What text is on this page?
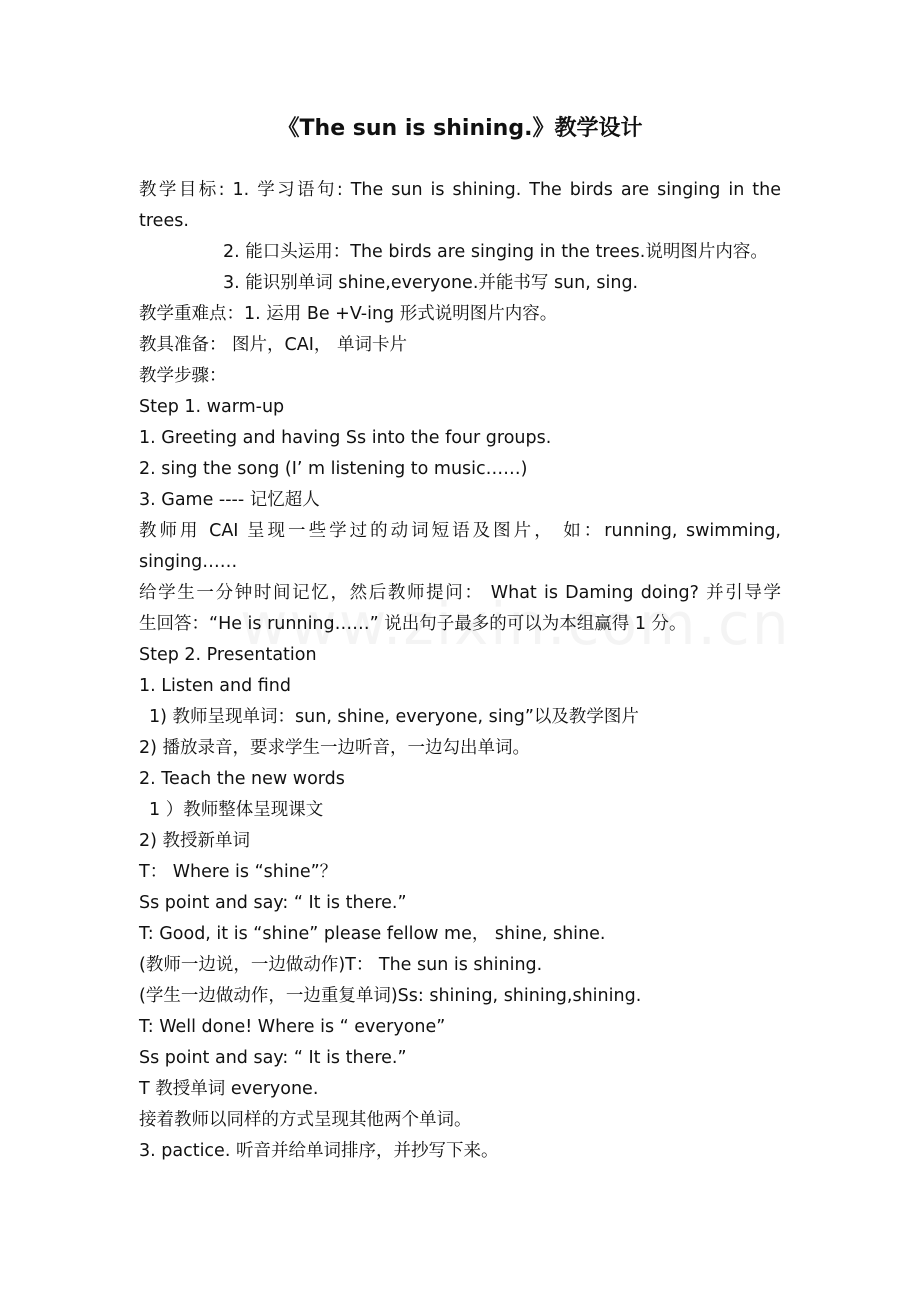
《The sun is shining.》教学设计

教学目标: 1. 学习语句: The sun is shining. The birds are singing in the

trees.

2. 能口头运用：The birds are singing in the trees.说明图片内容。

3. 能识别单词 shine,everyone.并能书写 sun, sing.

教学重难点：1. 运用 Be +V-ing 形式说明图片内容。

教具准备： 图片，CAI， 单词卡片

教学步骤：

Step 1. warm-up

1. Greeting and having Ss into the four groups.

2. sing the song (I’ m listening to music……)

3. Game ---- 记忆超人

教师用 CAI 呈现一些学过的动词短语及图片， 如：running, swimming,

singing……

给学生一分钟时间记忆，然后教师提问： What is Daming doing? 并引导学

生回答：“He is running……” 说出句子最多的可以为本组赢得 1 分。

Step 2. Presentation

1. Listen and find

1) 教师呈现单词：sun, shine, everyone, sing”以及教学图片

2) 播放录音，要求学生一边听音，一边勾出单词。

2. Teach the new words

1 ）教师整体呈现课文

2) 教授新单词

T： Where is “shine”？

Ss point and say: “ It is there.”

T: Good, it is “shine” please fellow me， shine, shine.

(教师一边说，一边做动作)T： The sun is shining.

(学生一边做动作，一边重复单词)Ss: shining, shining,shining.

T: Well done! Where is “ everyone”

Ss point and say: “ It is there.”

T 教授单词 everyone.

接着教师以同样的方式呈现其他两个单词。

3. pactice. 听音并给单词排序，并抄写下来。
